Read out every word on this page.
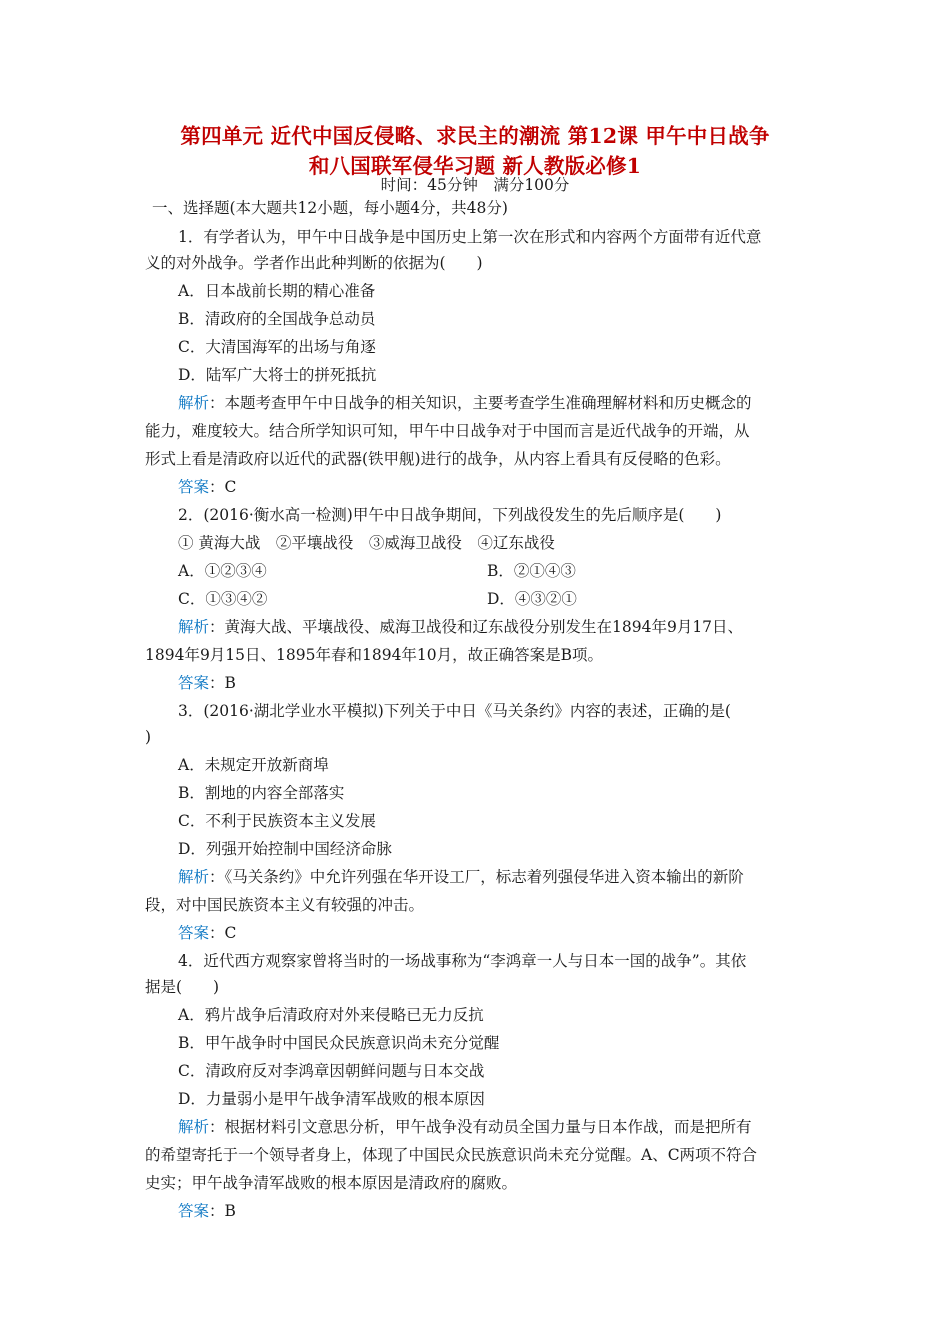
第四单元 近代中国反侵略、求民主的潮流 第12课 甲午中日战争
和八国联军侵华习题 新人教版必修1
时间：45分钟　满分100分
一、选择题(本大题共12小题，每小题4分，共48分)
1．有学者认为，甲午中日战争是中国历史上第一次在形式和内容两个方面带有近代意
义的对外战争。学者作出此种判断的依据为(　　)
A．日本战前长期的精心准备
B．清政府的全国战争总动员
C．大清国海军的出场与角逐
D．陆军广大将士的拼死抵抗
解析：本题考查甲午中日战争的相关知识，主要考查学生准确理解材料和历史概念的
能力，难度较大。结合所学知识可知，甲午中日战争对于中国而言是近代战争的开端，从
形式上看是清政府以近代的武器(铁甲舰)进行的战争，从内容上看具有反侵略的色彩。
答案：C
2．(2016·衡水高一检测)甲午中日战争期间，下列战役发生的先后顺序是(　　)
① 黄海大战　②平壤战役　③威海卫战役　④辽东战役
A．①②③④	B．②①④③
C．①③④②	D．④③②①
解析：黄海大战、平壤战役、威海卫战役和辽东战役分别发生在1894年9月17日、
1894年9月15日、1895年春和1894年10月，故正确答案是B项。
答案：B
3．(2016·湖北学业水平模拟)下列关于中日《马关条约》内容的表述，正确的是(
)
A．未规定开放新商埠
B．割地的内容全部落实
C．不利于民族资本主义发展
D．列强开始控制中国经济命脉
解析：《马关条约》中允许列强在华开设工厂，标志着列强侵华进入资本输出的新阶
段，对中国民族资本主义有较强的冲击。
答案：C
4．近代西方观察家曾将当时的一场战事称为“李鸿章一人与日本一国的战争”。其依
据是(　　)
A．鸦片战争后清政府对外来侵略已无力反抗
B．甲午战争时中国民众民族意识尚未充分觉醒
C．清政府反对李鸿章因朝鲜问题与日本交战
D．力量弱小是甲午战争清军战败的根本原因
解析：根据材料引文意思分析，甲午战争没有动员全国力量与日本作战，而是把所有
的希望寄托于一个领导者身上，体现了中国民众民族意识尚未充分觉醒。A、C两项不符合
史实；甲午战争清军战败的根本原因是清政府的腐败。
答案：B
